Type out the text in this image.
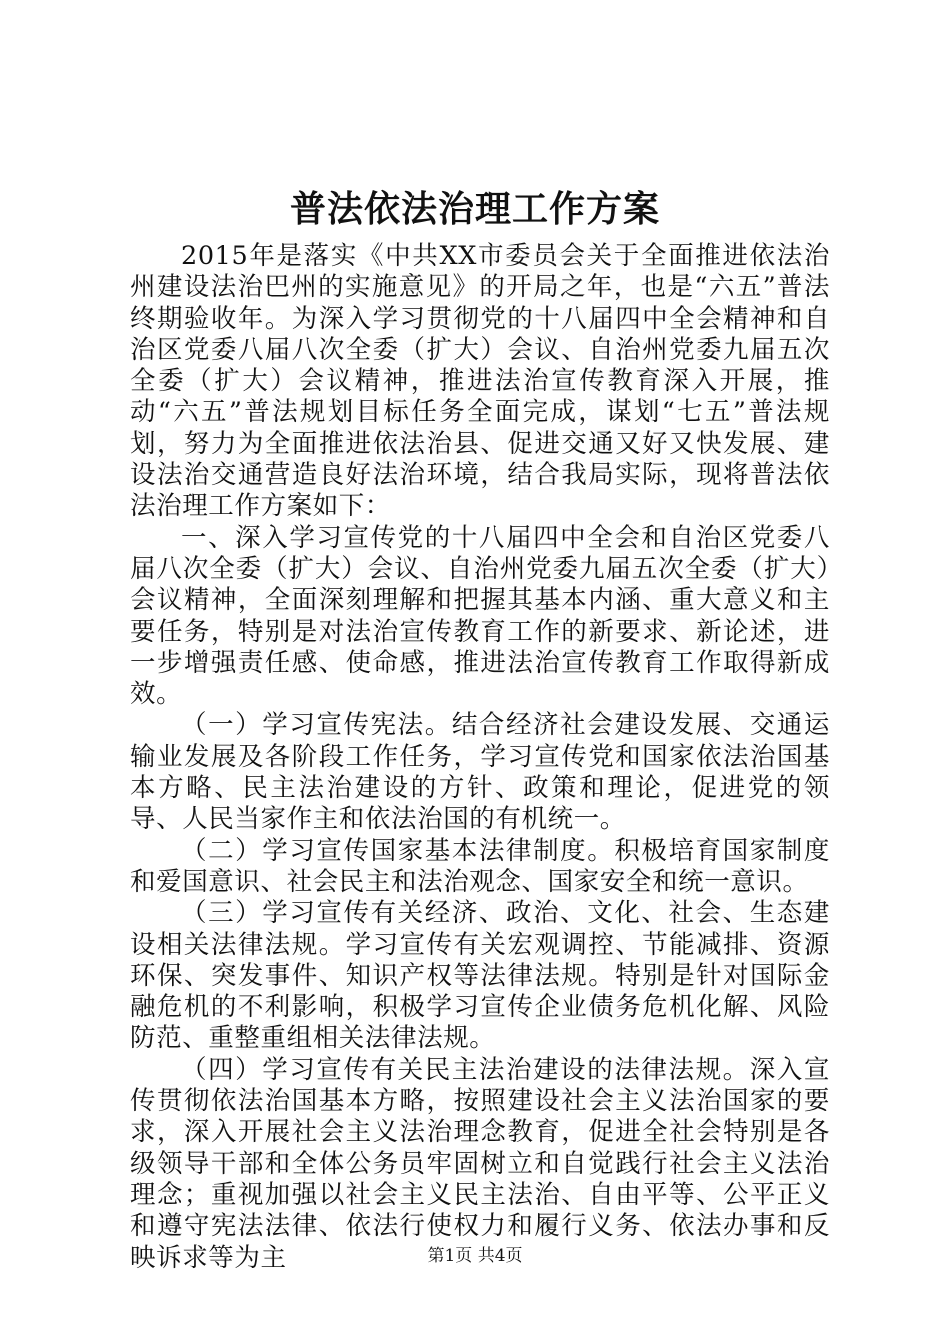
普法依法治理工作方案

2015年是落实《中共XX市委员会关于全面推进依法治州建设法治巴州的实施意见》的开局之年，也是“六五”普法终期验收年。为深入学习贯彻党的十八届四中全会精神和自治区党委八届八次全委（扩大）会议、自治州党委九届五次全委（扩大）会议精神，推进法治宣传教育深入开展，推动“六五”普法规划目标任务全面完成，谋划“七五”普法规划，努力为全面推进依法治县、促进交通又好又快发展、建设法治交通营造良好法治环境，结合我局实际，现将普法依法治理工作方案如下：

一、深入学习宣传党的十八届四中全会和自治区党委八届八次全委（扩大）会议、自治州党委九届五次全委（扩大）会议精神，全面深刻理解和把握其基本内涵、重大意义和主要任务，特别是对法治宣传教育工作的新要求、新论述，进一步增强责任感、使命感，推进法治宣传教育工作取得新成效。

（一）学习宣传宪法。结合经济社会建设发展、交通运输业发展及各阶段工作任务，学习宣传党和国家依法治国基本方略、民主法治建设的方针、政策和理论，促进党的领导、人民当家作主和依法治国的有机统一。

（二）学习宣传国家基本法律制度。积极培育国家制度和爱国意识、社会民主和法治观念、国家安全和统一意识。

（三）学习宣传有关经济、政治、文化、社会、生态建设相关法律法规。学习宣传有关宏观调控、节能减排、资源环保、突发事件、知识产权等法律法规。特别是针对国际金融危机的不利影响，积极学习宣传企业债务危机化解、风险防范、重整重组相关法律法规。

（四）学习宣传有关民主法治建设的法律法规。深入宣传贯彻依法治国基本方略，按照建设社会主义法治国家的要求，深入开展社会主义法治理念教育，促进全社会特别是各级领导干部和全体公务员牢固树立和自觉践行社会主义法治理念；重视加强以社会主义民主法治、自由平等、公平正义和遵守宪法法律、依法行使权力和履行义务、依法办事和反映诉求等为主	第1页 共4页
